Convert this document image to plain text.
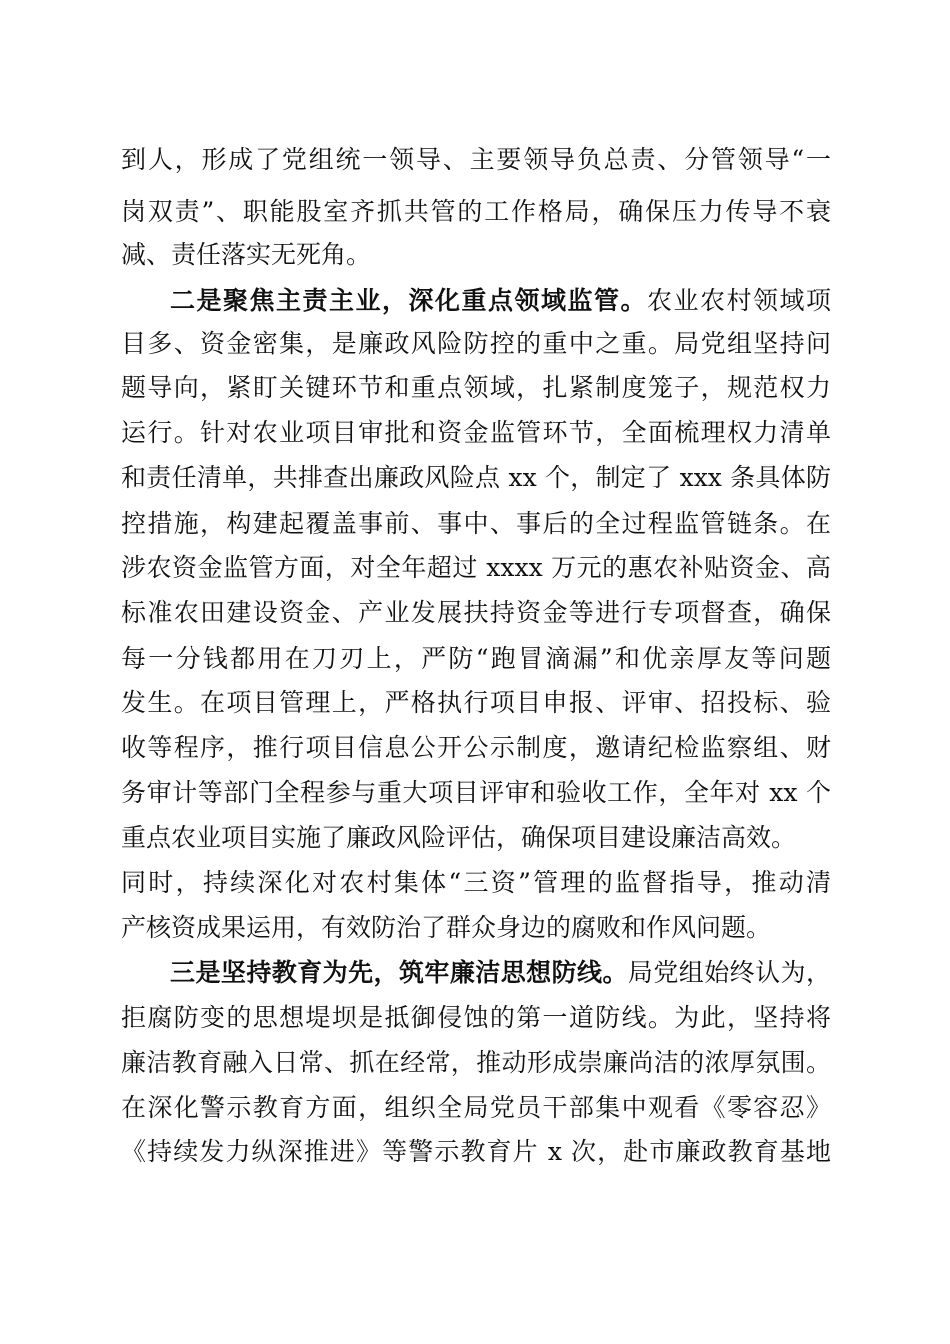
到人，形成了党组统一领导、主要领导负总责、分管领导“一

岗双责”、职能股室齐抓共管的工作格局，确保压力传导不衰

减、责任落实无死角。

二是聚焦主责主业，深化重点领域监管。农业农村领域项

目多、资金密集，是廉政风险防控的重中之重。局党组坚持问

题导向，紧盯关键环节和重点领域，扎紧制度笼子，规范权力

运行。针对农业项目审批和资金监管环节，全面梳理权力清单

和责任清单，共排查出廉政风险点 xx 个，制定了 xxx 条具体防

控措施，构建起覆盖事前、事中、事后的全过程监管链条。在

涉农资金监管方面，对全年超过 xxxx 万元的惠农补贴资金、高

标准农田建设资金、产业发展扶持资金等进行专项督查，确保

每一分钱都用在刀刃上，严防“跑冒滴漏”和优亲厚友等问题

发生。在项目管理上，严格执行项目申报、评审、招投标、验

收等程序，推行项目信息公开公示制度，邀请纪检监察组、财

务审计等部门全程参与重大项目评审和验收工作，全年对 xx 个

重点农业项目实施了廉政风险评估，确保项目建设廉洁高效。

同时，持续深化对农村集体“三资”管理的监督指导，推动清

产核资成果运用，有效防治了群众身边的腐败和作风问题。

三是坚持教育为先，筑牢廉洁思想防线。局党组始终认为，

拒腐防变的思想堤坝是抵御侵蚀的第一道防线。为此，坚持将

廉洁教育融入日常、抓在经常，推动形成崇廉尚洁的浓厚氛围。

在深化警示教育方面，组织全局党员干部集中观看《零容忍》

《持续发力纵深推进》等警示教育片 x 次，赴市廉政教育基地
